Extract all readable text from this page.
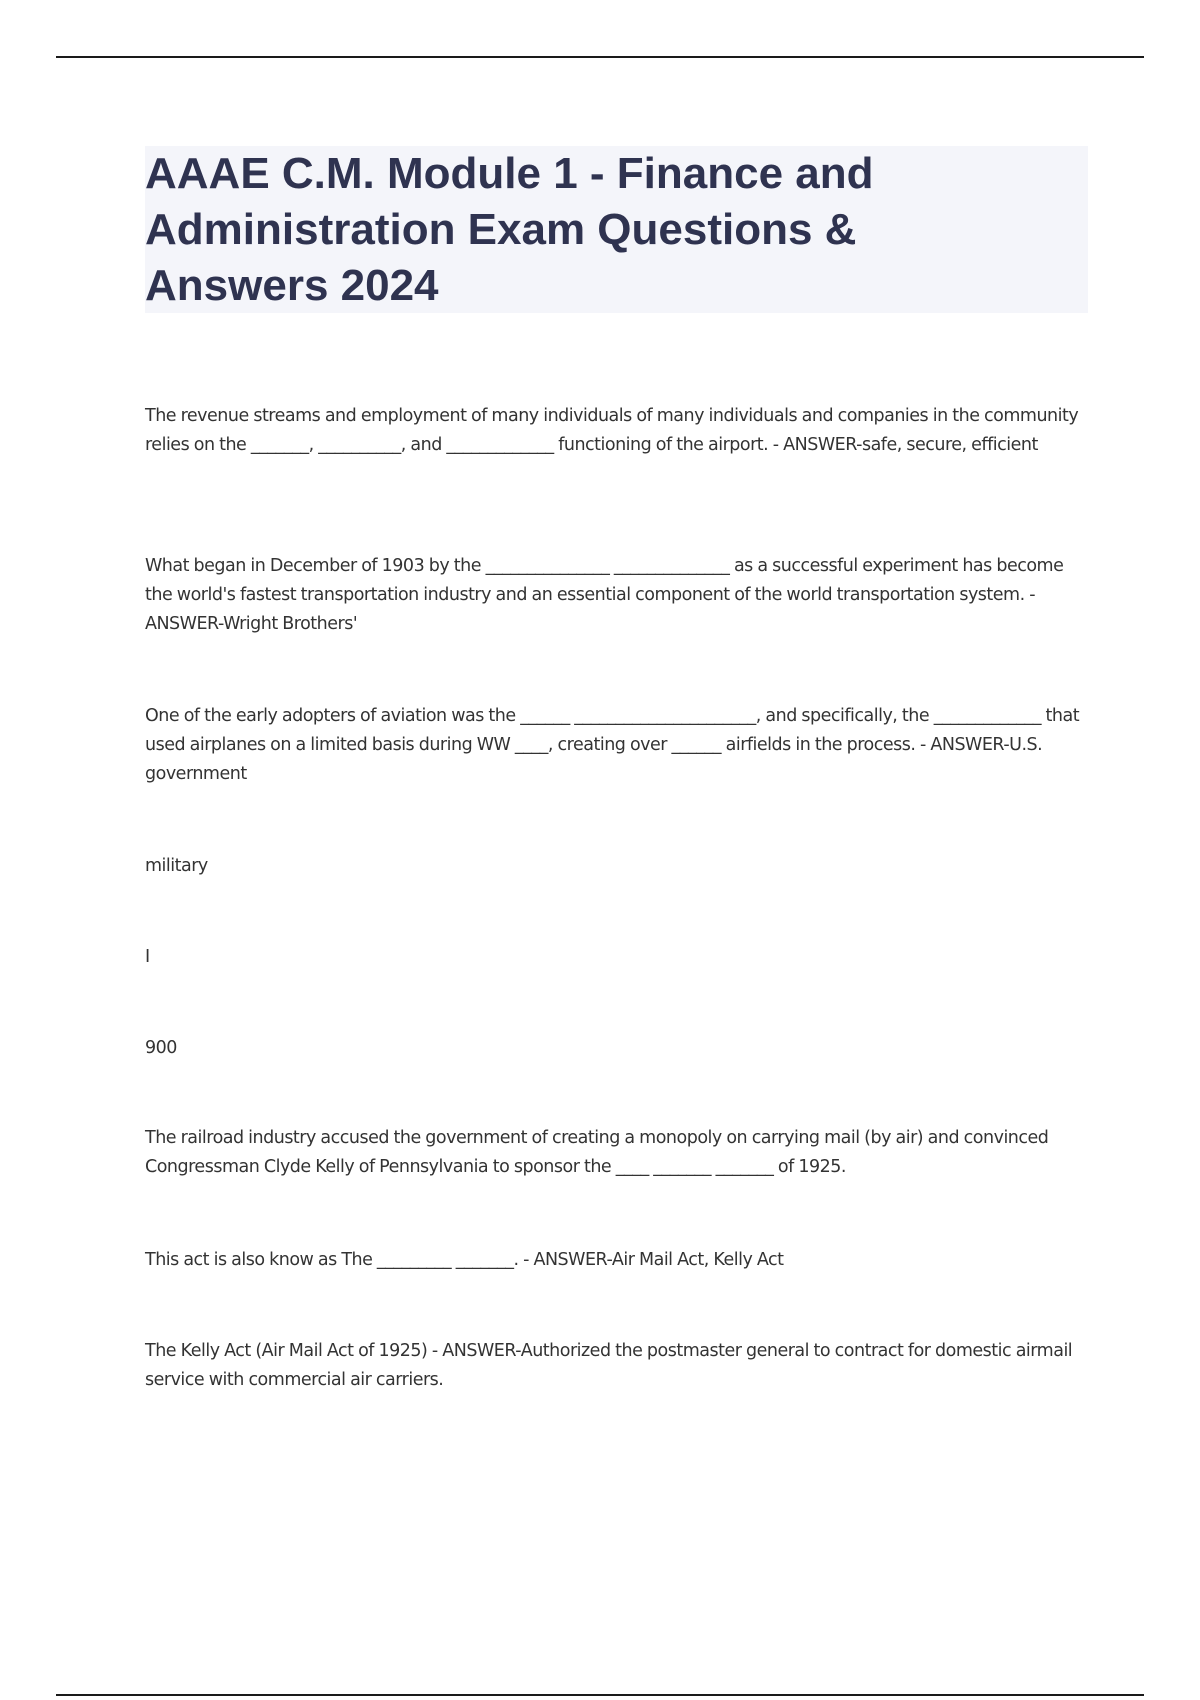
AAAE C.M. Module 1 - Finance and Administration Exam Questions & Answers 2024

The revenue streams and employment of many individuals of many individuals and companies in the community relies on the _______, __________, and _____________ functioning of the airport. - ANSWER-safe, secure, efficient

What began in December of 1903 by the _______________ ______________ as a successful experiment has become the world's fastest transportation industry and an essential component of the world transportation system. - ANSWER-Wright Brothers'

One of the early adopters of aviation was the ______ ______________________, and specifically, the _____________ that used airplanes on a limited basis during WW ____, creating over ______ airfields in the process. - ANSWER-U.S. government

military

I

900

The railroad industry accused the government of creating a monopoly on carrying mail (by air) and convinced Congressman Clyde Kelly of Pennsylvania to sponsor the ____ _______ _______ of 1925.

This act is also know as The _________ _______. - ANSWER-Air Mail Act, Kelly Act

The Kelly Act (Air Mail Act of 1925) - ANSWER-Authorized the postmaster general to contract for domestic airmail service with commercial air carriers.
